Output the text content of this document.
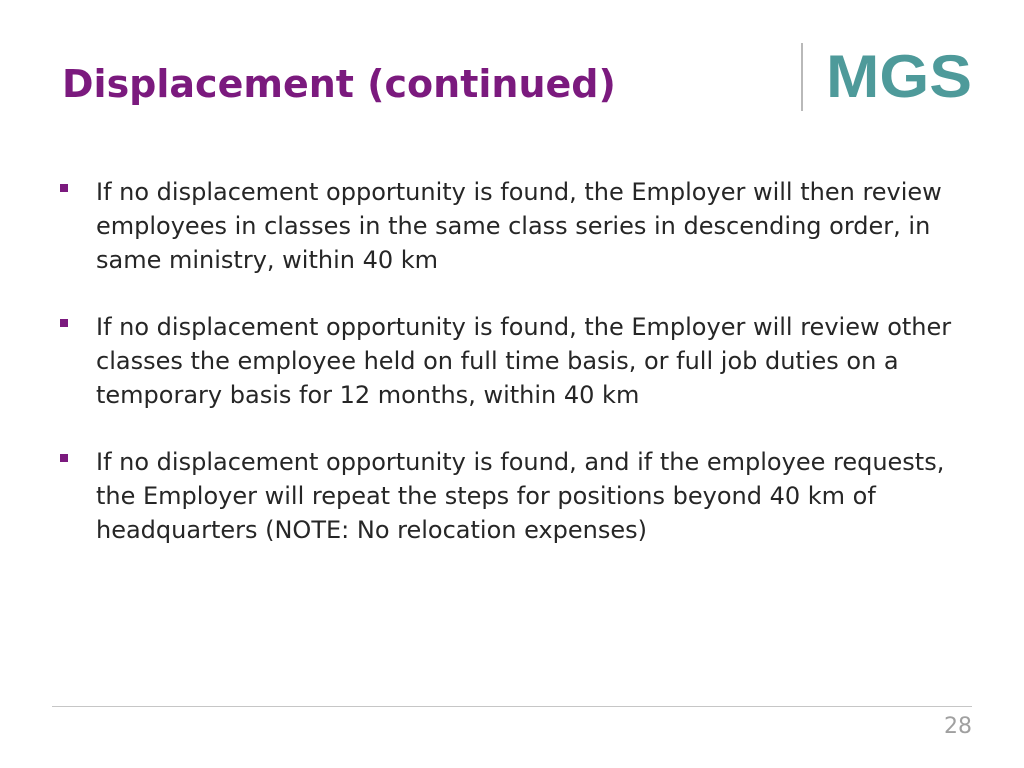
Displacement (continued)	MGS
If no displacement opportunity is found, the Employer will then review employees in classes in the same class series in descending order, in same ministry, within 40 km
If no displacement opportunity is found, the Employer will review other classes the employee held on full time basis, or full job duties on a temporary basis for 12 months, within 40 km
If no displacement opportunity is found, and if the employee requests, the Employer will repeat the steps for positions beyond 40 km of headquarters (NOTE: No relocation expenses)
28
